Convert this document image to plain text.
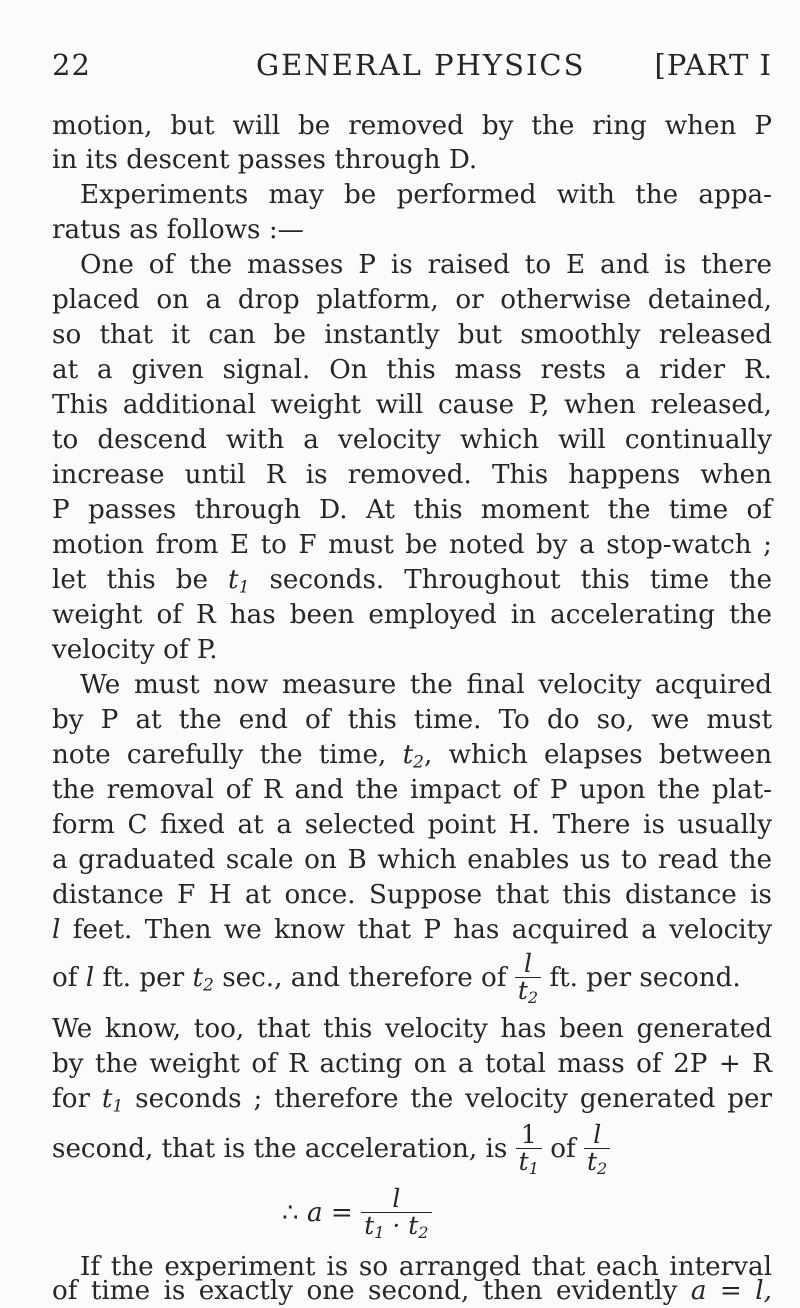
22	GENERAL PHYSICS [PART I
motion, but will be removed by the ring when P
in its descent passes through D.
Experiments may be performed with the appa-
ratus as follows :—
One of the masses P is raised to E and is there
placed on a drop platform, or otherwise detained,
so that it can be instantly but smoothly released
at a given signal. On this mass rests a rider R.
This additional weight will cause P, when released,
to descend with a velocity which will continually
increase until R is removed. This happens when
P passes through D. At this moment the time of
motion from E to F must be noted by a stop-watch ;
let this be $t_1$ seconds. Throughout this time the
weight of R has been employed in accelerating the
velocity of P.
We must now measure the final velocity acquired
by P at the end of this time. To do so, we must
note carefully the time, $t_2$, which elapses between
the removal of R and the impact of P upon the plat-
form C fixed at a selected point H. There is usually
a graduated scale on B which enables us to read the
distance F H at once. Suppose that this distance is
l feet. Then we know that P has acquired a velocity
of l ft. per $t_2$ sec., and therefore of $\frac{l}{t_2}$ ft. per second.
We know, too, that this velocity has been generated
by the weight of R acting on a total mass of 2P + R
for $t_1$ seconds ; therefore the velocity generated per
second, that is the acceleration, is $\frac{1}{t_1}$ of $\frac{l}{t_2}$
∴ $a = \frac{l}{t_1 \cdot t_2}$
If the experiment is so arranged that each interval
of time is exactly one second, then evidently a = l,
